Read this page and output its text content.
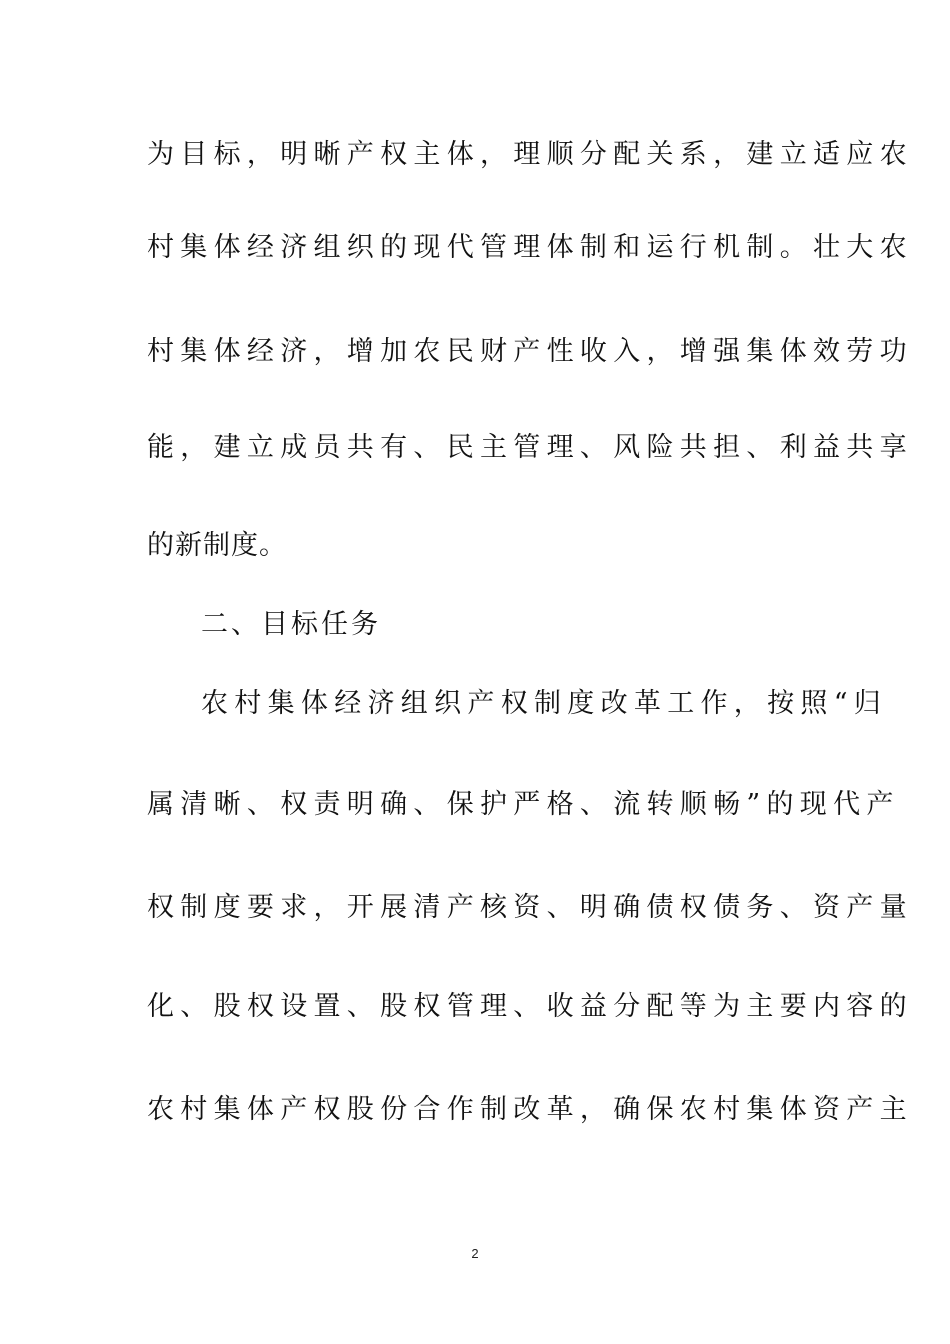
为目标，明晰产权主体，理顺分配关系，建立适应农
村集体经济组织的现代管理体制和运行机制。壮大农
村集体经济，增加农民财产性收入，增强集体效劳功
能，建立成员共有、民主管理、风险共担、利益共享
的新制度。
二、目标任务
农村集体经济组织产权制度改革工作，按照“归
属清晰、权责明确、保护严格、流转顺畅”的现代产
权制度要求，开展清产核资、明确债权债务、资产量
化、股权设置、股权管理、收益分配等为主要内容的
农村集体产权股份合作制改革，确保农村集体资产主
2
